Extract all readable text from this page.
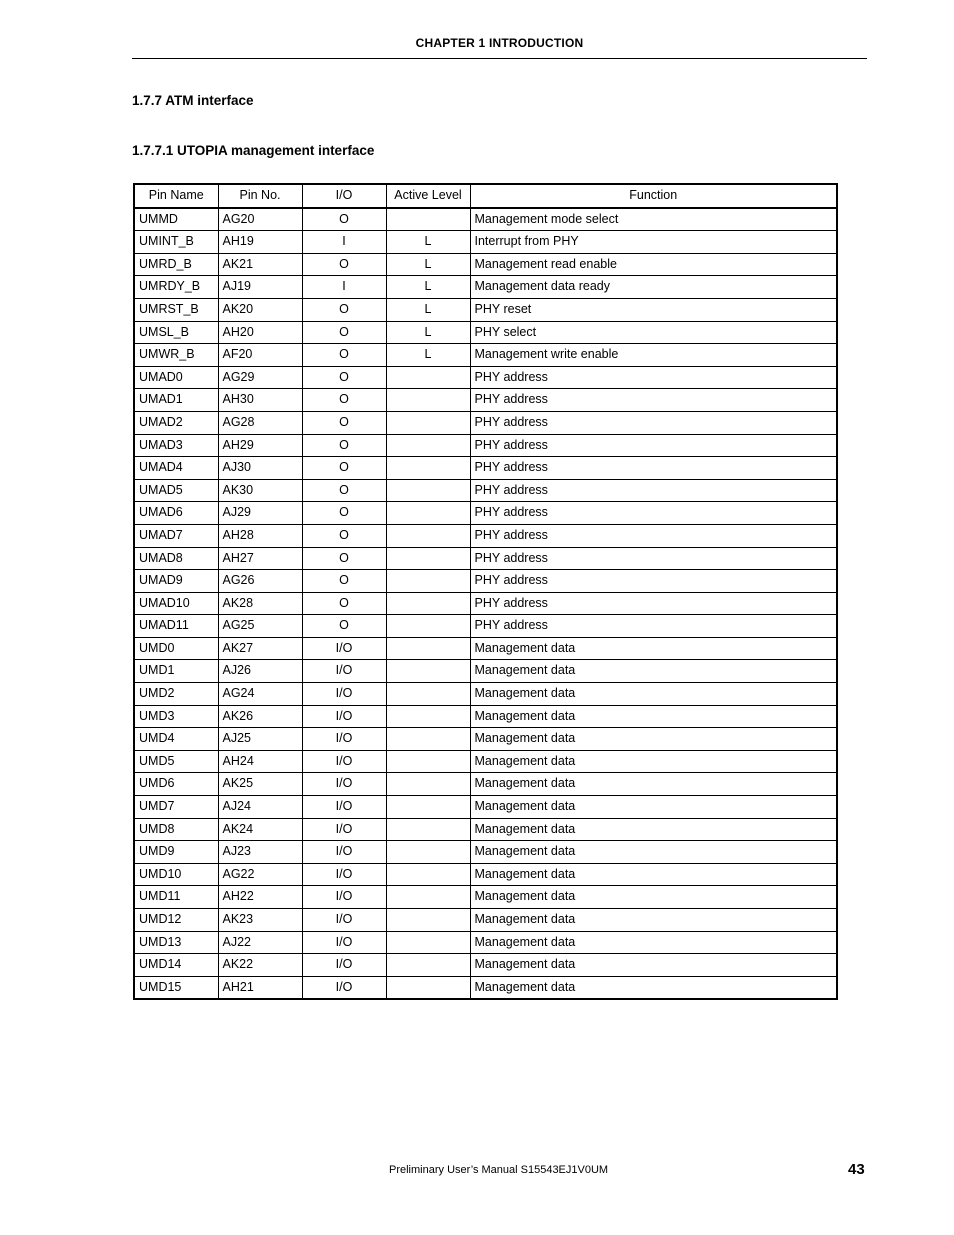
CHAPTER 1 INTRODUCTION
1.7.7 ATM interface
1.7.7.1 UTOPIA management interface
Pin Name	Pin No.	I/O	Active Level	Function
UMMD	AG20	O		Management mode select
UMINT_B	AH19	I	L	Interrupt from PHY
UMRD_B	AK21	O	L	Management read enable
UMRDY_B	AJ19	I	L	Management data ready
UMRST_B	AK20	O	L	PHY reset
UMSL_B	AH20	O	L	PHY select
UMWR_B	AF20	O	L	Management write enable
UMAD0	AG29	O		PHY address
UMAD1	AH30	O		PHY address
UMAD2	AG28	O		PHY address
UMAD3	AH29	O		PHY address
UMAD4	AJ30	O		PHY address
UMAD5	AK30	O		PHY address
UMAD6	AJ29	O		PHY address
UMAD7	AH28	O		PHY address
UMAD8	AH27	O		PHY address
UMAD9	AG26	O		PHY address
UMAD10	AK28	O		PHY address
UMAD11	AG25	O		PHY address
UMD0	AK27	I/O		Management data
UMD1	AJ26	I/O		Management data
UMD2	AG24	I/O		Management data
UMD3	AK26	I/O		Management data
UMD4	AJ25	I/O		Management data
UMD5	AH24	I/O		Management data
UMD6	AK25	I/O		Management data
UMD7	AJ24	I/O		Management data
UMD8	AK24	I/O		Management data
UMD9	AJ23	I/O		Management data
UMD10	AG22	I/O		Management data
UMD11	AH22	I/O		Management data
UMD12	AK23	I/O		Management data
UMD13	AJ22	I/O		Management data
UMD14	AK22	I/O		Management data
UMD15	AH21	I/O		Management data
Preliminary User’s Manual S15543EJ1V0UM	43
